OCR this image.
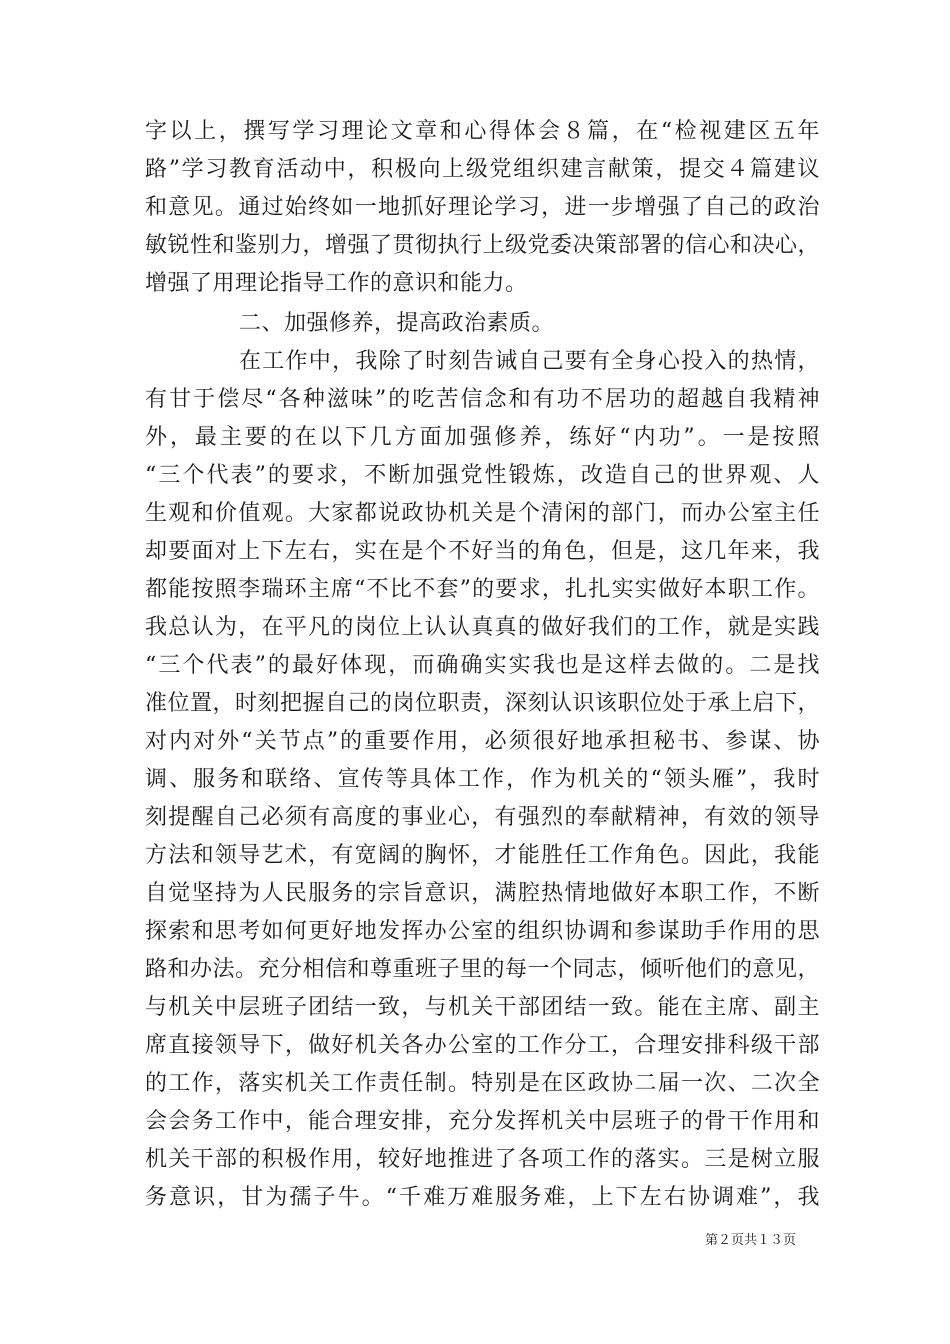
字以上，撰写学习理论文章和心得体会８篇，在“检视建区五年
路”学习教育活动中，积极向上级党组织建言献策，提交４篇建议
和意见。通过始终如一地抓好理论学习，进一步增强了自己的政治
敏锐性和鉴别力，增强了贯彻执行上级党委决策部署的信心和决心，
增强了用理论指导工作的意识和能力。
二、加强修养，提高政治素质。
在工作中，我除了时刻告诫自己要有全身心投入的热情，
有甘于偿尽“各种滋味”的吃苦信念和有功不居功的超越自我精神
外，最主要的在以下几方面加强修养，练好“内功”。一是按照
“三个代表”的要求，不断加强党性锻炼，改造自己的世界观、人
生观和价值观。大家都说政协机关是个清闲的部门，而办公室主任
却要面对上下左右，实在是个不好当的角色，但是，这几年来，我
都能按照李瑞环主席“不比不套”的要求，扎扎实实做好本职工作。
我总认为，在平凡的岗位上认认真真的做好我们的工作，就是实践
“三个代表”的最好体现，而确确实实我也是这样去做的。二是找
准位置，时刻把握自己的岗位职责，深刻认识该职位处于承上启下，
对内对外“关节点”的重要作用，必须很好地承担秘书、参谋、协
调、服务和联络、宣传等具体工作，作为机关的“领头雁”，我时
刻提醒自己必须有高度的事业心，有强烈的奉献精神，有效的领导
方法和领导艺术，有宽阔的胸怀，才能胜任工作角色。因此，我能
自觉坚持为人民服务的宗旨意识，满腔热情地做好本职工作，不断
探索和思考如何更好地发挥办公室的组织协调和参谋助手作用的思
路和办法。充分相信和尊重班子里的每一个同志，倾听他们的意见，
与机关中层班子团结一致，与机关干部团结一致。能在主席、副主
席直接领导下，做好机关各办公室的工作分工，合理安排科级干部
的工作，落实机关工作责任制。特别是在区政协二届一次、二次全
会会务工作中，能合理安排，充分发挥机关中层班子的骨干作用和
机关干部的积极作用，较好地推进了各项工作的落实。三是树立服
务意识，甘为孺子牛。“千难万难服务难，上下左右协调难”，我
第２页共１３页
